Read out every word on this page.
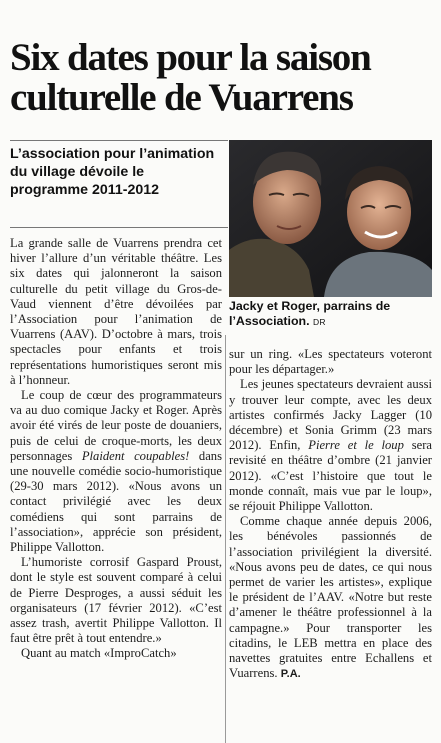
Six dates pour la saison culturelle de Vuarrens
L’association pour l’animation du village dévoile le programme 2011-2012

Jacky et Roger, parrains de l’Association. DR

La grande salle de Vuarrens prendra cet hiver l’allure d’un véritable théâtre. Les six dates qui jalonneront la saison culturelle du petit village du Gros-de-Vaud viennent d’être dévoilées par l’Association pour l’animation de Vuarrens (AAV). D’octobre à mars, trois spectacles pour enfants et trois représentations humoristiques seront mis à l’honneur.

Le coup de cœur des programmateurs va au duo comique Jacky et Roger. Après avoir été virés de leur poste de douaniers, puis de celui de croque-morts, les deux personnages Plaident coupables! dans une nouvelle comédie socio-humoristique (29-30 mars 2012). «Nous avons un contact privilégié avec les deux comédiens qui sont parrains de l’association», apprécie son président, Philippe Vallotton.

L’humoriste corrosif Gaspard Proust, dont le style est souvent comparé à celui de Pierre Desproges, a aussi séduit les organisateurs (17 février 2012). «C’est assez trash, avertit Philippe Vallotton. Il faut être prêt à tout entendre.»

Quant au match «ImproCatch»

sur un ring. «Les spectateurs voteront pour les départager.»

Les jeunes spectateurs devraient aussi y trouver leur compte, avec les deux artistes confirmés Jacky Lagger (10 décembre) et Sonia Grimm (23 mars 2012). Enfin, Pierre et le loup sera revisité en théâtre d’ombre (21 janvier 2012). «C’est l’histoire que tout le monde connaît, mais vue par le loup», se réjouit Philippe Vallotton.

Comme chaque année depuis 2006, les bénévoles passionnés de l’association privilégient la diversité. «Nous avons peu de dates, ce qui nous permet de varier les artistes», explique le président de l’AAV. «Notre but reste d’amener le théâtre professionnel à la campagne.» Pour transporter les citadins, le LEB mettra en place des navettes gratuites entre Echallens et Vuarrens. P.A.
